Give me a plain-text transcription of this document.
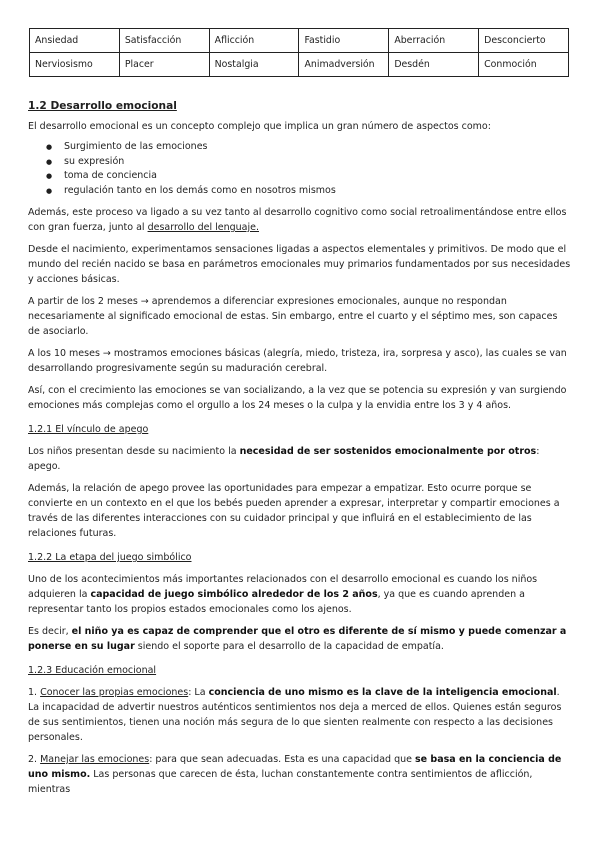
Ansiedad	Satisfacción	Aflicción	Fastidio	Aberración	Desconcierto
Nerviosismo	Placer	Nostalgia	Animadversión	Desdén	Conmoción
1.2 Desarrollo emocional
El desarrollo emocional es un concepto complejo que implica un gran número de aspectos como:
● Surgimiento de las emociones
● su expresión
● toma de conciencia
● regulación tanto en los demás como en nosotros mismos
Además, este proceso va ligado a su vez tanto al desarrollo cognitivo como social retroalimentándose entre ellos con gran fuerza, junto al desarrollo del lenguaje.
Desde el nacimiento, experimentamos sensaciones ligadas a aspectos elementales y primitivos. De modo que el mundo del recién nacido se basa en parámetros emocionales muy primarios fundamentados por sus necesidades y acciones básicas.
A partir de los 2 meses → aprendemos a diferenciar expresiones emocionales, aunque no respondan necesariamente al significado emocional de estas. Sin embargo, entre el cuarto y el séptimo mes, son capaces de asociarlo.
A los 10 meses → mostramos emociones básicas (alegría, miedo, tristeza, ira, sorpresa y asco), las cuales se van desarrollando progresivamente según su maduración cerebral.
Así, con el crecimiento las emociones se van socializando, a la vez que se potencia su expresión y van surgiendo emociones más complejas como el orgullo a los 24 meses o la culpa y la envidia entre los 3 y 4 años.
1.2.1 El vínculo de apego
Los niños presentan desde su nacimiento la necesidad de ser sostenidos emocionalmente por otros: apego.
Además, la relación de apego provee las oportunidades para empezar a empatizar. Esto ocurre porque se convierte en un contexto en el que los bebés pueden aprender a expresar, interpretar y compartir emociones a través de las diferentes interacciones con su cuidador principal y que influirá en el establecimiento de las relaciones futuras.
1.2.2 La etapa del juego simbólico
Uno de los acontecimientos más importantes relacionados con el desarrollo emocional es cuando los niños adquieren la capacidad de juego simbólico alrededor de los 2 años, ya que es cuando aprenden a representar tanto los propios estados emocionales como los ajenos.
Es decir, el niño ya es capaz de comprender que el otro es diferente de sí mismo y puede comenzar a ponerse en su lugar siendo el soporte para el desarrollo de la capacidad de empatía.
1.2.3 Educación emocional
1. Conocer las propias emociones: La conciencia de uno mismo es la clave de la inteligencia emocional. La incapacidad de advertir nuestros auténticos sentimientos nos deja a merced de ellos. Quienes están seguros de sus sentimientos, tienen una noción más segura de lo que sienten realmente con respecto a las decisiones personales.
2. Manejar las emociones: para que sean adecuadas. Esta es una capacidad que se basa en la conciencia de uno mismo. Las personas que carecen de ésta, luchan constantemente contra sentimientos de aflicción, mientras
